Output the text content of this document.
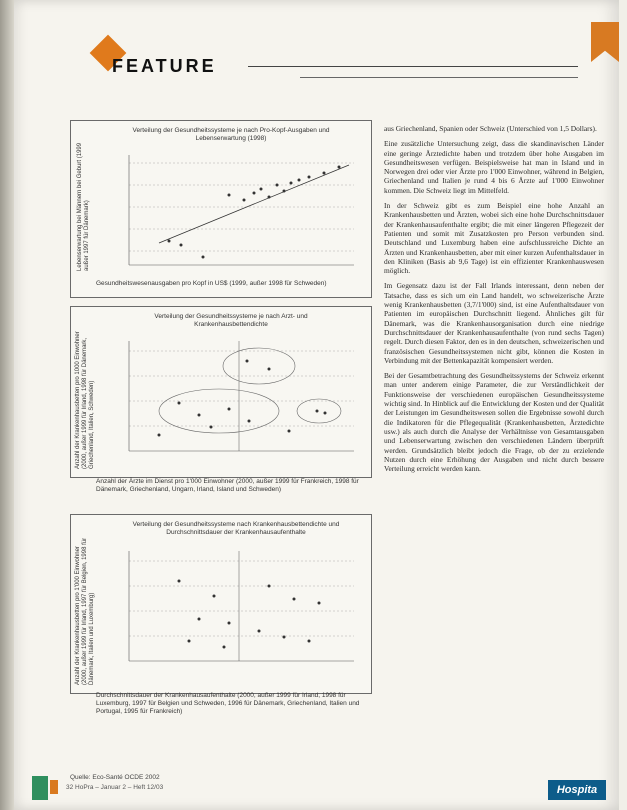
FEATURE
Verteilung der Gesundheitssysteme je nach Pro-Kopf-Ausgaben und Lebenserwartung (1998)
Lebenserwartung bei Männern bei Geburt (1999 außer 1997 für Dänemark)
Gesundheitswesenausgaben pro Kopf in US$ (1999, außer 1998 für Schweden)
Verteilung der Gesundheitssysteme je nach Arzt- und Krankenhausbettendichte
Anzahl der Krankenhausbetten pro 1000 Einwohner (2000, außer 1999 für Irland, 1998 für Dänemark, Griechenland, Italien, Schweden)
Anzahl der Ärzte im Dienst pro 1'000 Einwohner (2000, außer 1999 für Frankreich, 1998 für Dänemark, Griechenland, Ungarn, Irland, Island und Schweden)
Verteilung der Gesundheitssysteme nach Krankenhausbettendichte und Durchschnittsdauer der Krankenhausaufenthalte
Anzahl der Krankenhausbetten pro 1'000 Einwohner (2000, außer 1999 für Irland, 1997 für Belgien, 1998 für Dänemark, Italien und Luxemburg)
Durchschnittsdauer der Krankenhausaufenthalte (2000, außer 1999 für Irland, 1998 für Luxemburg, 1997 für Belgien und Schweden, 1996 für Dänemark, Griechenland, Italien und Portugal, 1995 für Frankreich)
Quelle: Eco-Santé OCDE 2002

aus Griechenland, Spanien oder Schweiz (Unterschied von 1,5 Dollars).

Eine zusätzliche Untersuchung zeigt, dass die skandinavischen Länder eine geringe Ärztedichte haben und trotzdem über hohe Ausgaben im Gesundheitswesen verfügen. Beispielsweise hat man in Island und in Norwegen drei oder vier Ärzte pro 1'000 Einwohner, während in Belgien, Griechenland und Italien je rund 4 bis 6 Ärzte auf 1'000 Einwohner kommen. Die Schweiz liegt im Mittelfeld.

In der Schweiz gibt es zum Beispiel eine hohe Anzahl an Krankenhausbetten und Ärzten, wobei sich eine hohe Durchschnittsdauer der Krankenhausaufenthalte ergibt; die mit einer längeren Pflegezeit der Patienten und somit mit Zusatzkosten pro Person verbunden sind. Deutschland und Luxemburg haben eine aufschlussreiche Dichte an Ärzten und Krankenhausbetten, aber mit einer kurzen Aufenthaltsdauer in den Kliniken (Basis ab 9,6 Tage) ist ein effizienter Krankenhauswesen möglich.

Im Gegensatz dazu ist der Fall Irlands interessant, denn neben der Tatsache, dass es sich um ein Land handelt, wo schweizerische Ärzte wenig Krankenhausbetten (3,7/1'000) sind, ist eine Aufenthaltsdauer von Patienten im europäischen Durchschnitt liegend. Ähnliches gilt für Dänemark, was die Krankenhausorganisation durch eine niedrige Durchschnittsdauer der Krankenhausaufenthalte (von rund sechs Tagen) regelt. Durch diesen Faktor, den es in den deutschen, schweizerischen und französischen Gesundheitssystemen nicht gibt, können die Kosten in Verbindung mit der Bettenkapazität kompensiert werden.

Bei der Gesamtbetrachtung des Gesundheitssystems der Schweiz erkennt man unter anderem einige Parameter, die zur Verständlichkeit der Funktionsweise der verschiedenen europäischen Gesundheitssysteme wichtig sind. In Hinblick auf die Entwicklung der Kosten und der Qualität der Leistungen im Gesundheitswesen sollen die Ergebnisse sowohl durch die Indikatoren für die Pflegequalität (Krankenhausbetten, Ärztedichte usw.) als auch durch die Analyse der Verhältnisse von Gesamtausgaben und Lebenserwartung zwischen den verschiedenen Ländern überprüft werden. Grundsätzlich bleibt jedoch die Frage, ob der zu erzielende Nutzen durch eine Erhöhung der Ausgaben und nicht durch bessere Verteilung erreicht werden kann.

32 HoPra – Januar 2 – Heft 12/03	Hospita
